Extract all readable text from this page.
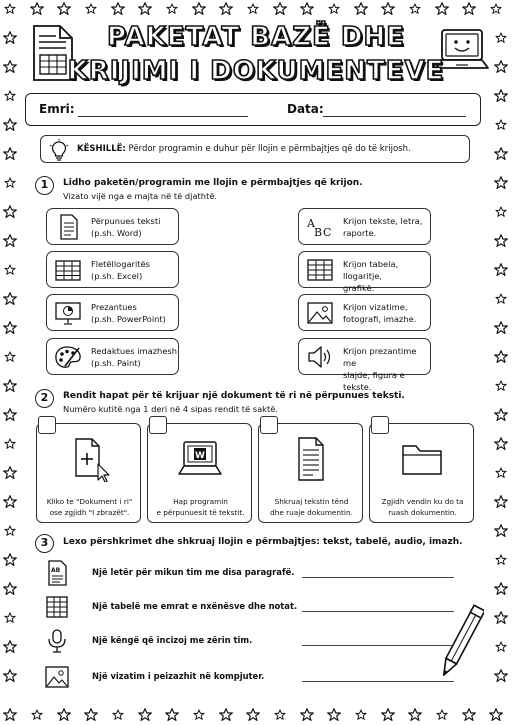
PAKETAT BAZË DHE
KRIJIMI I DOKUMENTEVE
Emri:	Data:
KËSHILLË: Përdor programin e duhur për llojin e përmbajtjes që do të krijosh.
1	Lidho paketën/programin me llojin e përmbajtjes që krijon.
Vizato vijë nga e majta në të djathtë.
Përpunues teksti
(p.sh. Word)
Fletëllogaritës
(p.sh. Excel)
Prezantues
(p.sh. PowerPoint)
Redaktues imazhesh
(p.sh. Paint)
A
B C
Krijon tekste, letra,
raporte.
Krijon tabela, llogaritje,
grafikë.
Krijon vizatime,
fotografi, imazhe.
Krijon prezantime me
slajde, figura e tekste.
2	Rendit hapat për të krijuar një dokument të ri në përpunues teksti.
Numëro kutitë nga 1 deri në 4 sipas rendit të saktë.
Kliko te "Dokument i ri"
ose zgjidh "I zbrazët".
W
Hap programin
e përpunuesit të tekstit.
Shkruaj tekstin tënd
dhe ruaje dokumentin.
Zgjidh vendin ku do ta
ruash dokumentin.
3	Lexo përshkrimet dhe shkruaj llojin e përmbajtjes: tekst, tabelë, audio, imazh.
AB	Një letër për mikun tim me disa paragrafë.
Një tabelë me emrat e nxënësve dhe notat.
Një këngë që incizoj me zërin tim.
Një vizatim i peizazhit në kompjuter.
